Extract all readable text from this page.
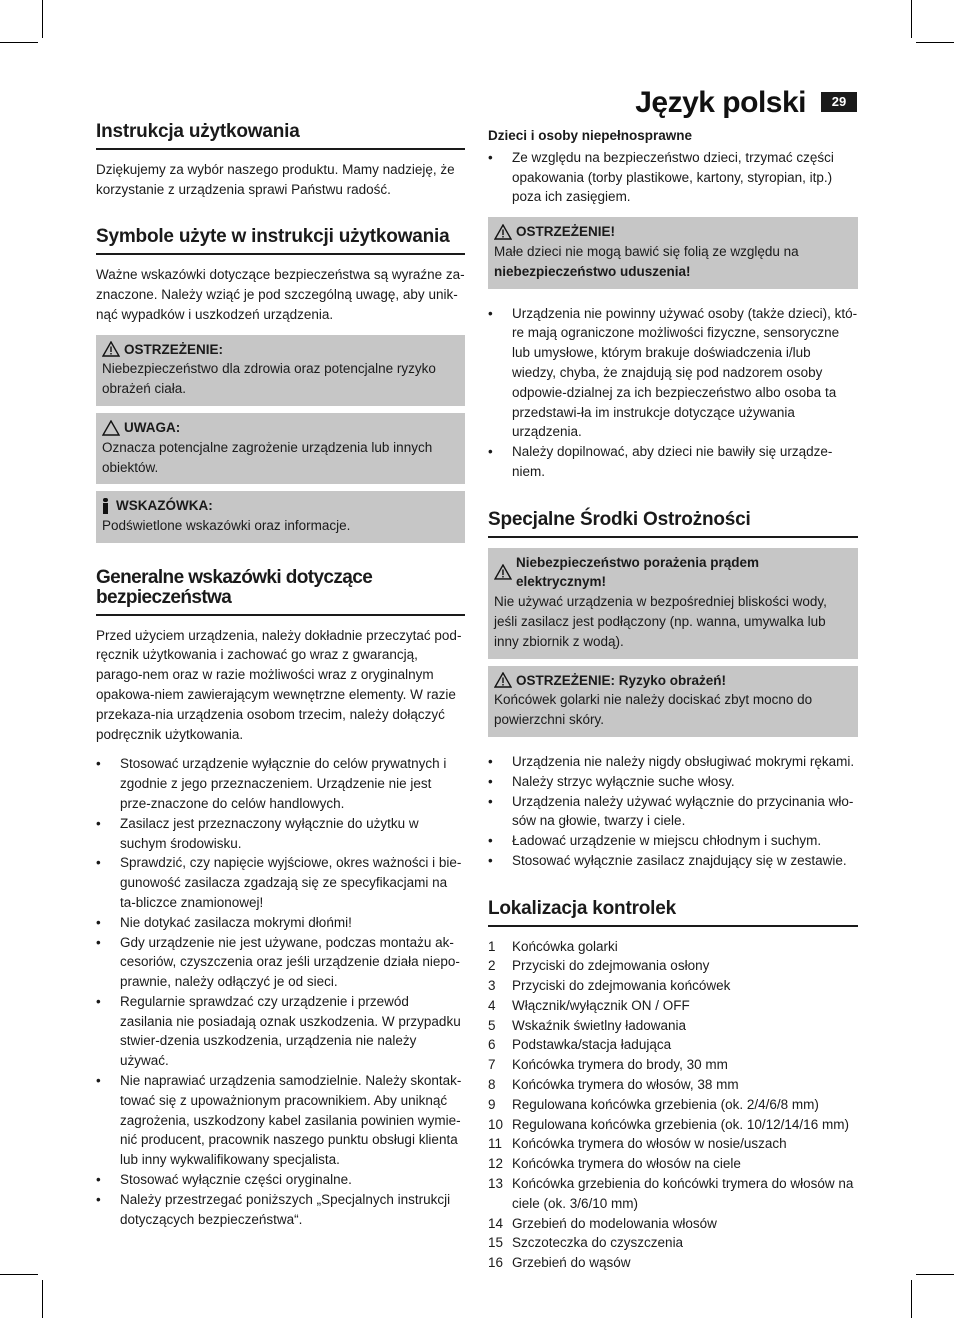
Język polski	29
Instrukcja użytkowania

Dziękujemy za wybór naszego produktu. Mamy nadzieję, że korzystanie z urządzenia sprawi Państwu radość.

Symbole użyte w instrukcji użytkowania

Ważne wskazówki dotyczące bezpieczeństwa są wyraźne za-znaczone. Należy wziąć je pod szczególną uwagę, aby unik-nąć wypadków i uszkodzeń urządzenia.

OSTRZEŻENIE:
Niebezpieczeństwo dla zdrowia oraz potencjalne ryzyko obrażeń ciała.
UWAGA:
Oznacza potencjalne zagrożenie urządzenia lub innych obiektów.
WSKAZÓWKA:
Podświetlone wskazówki oraz informacje.
Generalne wskazówki dotyczące bezpieczeństwa

Przed użyciem urządzenia, należy dokładnie przeczytać pod-ręcznik użytkowania i zachować go wraz z gwarancją, parago-nem oraz w razie możliwości wraz z oryginalnym opakowa-niem zawierającym wewnętrzne elementy. W razie przekaza-nia urządzenia osobom trzecim, należy dołączyć podręcznik użytkowania.

• Stosować urządzenie wyłącznie do celów prywatnych i zgodnie z jego przeznaczeniem. Urządzenie nie jest prze-znaczone do celów handlowych.
• Zasilacz jest przeznaczony wyłącznie do użytku w suchym środowisku.
• Sprawdzić, czy napięcie wyjściowe, okres ważności i bie-gunowość zasilacza zgadzają się ze specyfikacjami na ta-bliczce znamionowej!
• Nie dotykać zasilacza mokrymi dłońmi!
• Gdy urządzenie nie jest używane, podczas montażu ak-cesoriów, czyszczenia oraz jeśli urządzenie działa niepo-prawnie, należy odłączyć je od sieci.
• Regularnie sprawdzać czy urządzenie i przewód zasilania nie posiadają oznak uszkodzenia. W przypadku stwier-dzenia uszkodzenia, urządzenia nie należy używać.
• Nie naprawiać urządzenia samodzielnie. Należy skontak-tować się z upoważnionym pracownikiem. Aby uniknąć zagrożenia, uszkodzony kabel zasilania powinien wymie-nić producent, pracownik naszego punktu obsługi klienta lub inny wykwalifikowany specjalista.
• Stosować wyłącznie części oryginalne.
• Należy przestrzegać poniższych „Specjalnych instrukcji dotyczących bezpieczeństwa“.
Dzieci i osoby niepełnosprawne
• Ze względu na bezpieczeństwo dzieci, trzymać części opakowania (torby plastikowe, kartony, styropian, itp.) poza ich zasięgiem.
OSTRZEŻENIE!
Małe dzieci nie mogą bawić się folią ze względu na
niebezpieczeństwo uduszenia!
• Urządzenia nie powinny używać osoby (także dzieci), któ-re mają ograniczone możliwości fizyczne, sensoryczne lub umysłowe, którym brakuje doświadczenia i/lub wiedzy, chyba, że znajdują się pod nadzorem osoby odpowie-dzialnej za ich bezpieczeństwo albo osoba ta przedstawi-ła im instrukcje dotyczące używania urządzenia.
• Należy dopilnować, aby dzieci nie bawiły się urządze-niem.
Specjalne Środki Ostrożności
Niebezpieczeństwo porażenia prądem elektrycznym!
Nie używać urządzenia w bezpośredniej bliskości wody, jeśli zasilacz jest podłączony (np. wanna, umywalka lub inny zbiornik z wodą).
OSTRZEŻENIE: Ryzyko obrażeń!
Końcówek golarki nie należy dociskać zbyt mocno do powierzchni skóry.
• Urządzenia nie należy nigdy obsługiwać mokrymi rękami.
• Należy strzyc wyłącznie suche włosy.
• Urządzenia należy używać wyłącznie do przycinania wło-sów na głowie, twarzy i ciele.
• Ładować urządzenie w miejscu chłodnym i suchym.
• Stosować wyłącznie zasilacz znajdujący się w zestawie.
Lokalizacja kontrolek
1	Końcówka golarki
2	Przyciski do zdejmowania osłony
3	Przyciski do zdejmowania końcówek
4	Włącznik/wyłącznik ON / OFF
5	Wskaźnik świetlny ładowania
6	Podstawka/stacja ładująca
7	Końcówka trymera do brody, 30 mm
8	Końcówka trymera do włosów, 38 mm
9	Regulowana końcówka grzebienia (ok. 2/4/6/8 mm)
10 Regulowana końcówka grzebienia (ok. 10/12/14/16 mm)
11 Końcówka trymera do włosów w nosie/uszach
12 Końcówka trymera do włosów na ciele
13 Końcówka grzebienia do końcówki trymera do włosów na ciele (ok. 3/6/10 mm)
14 Grzebień do modelowania włosów
15 Szczoteczka do czyszczenia
16 Grzebień do wąsów
